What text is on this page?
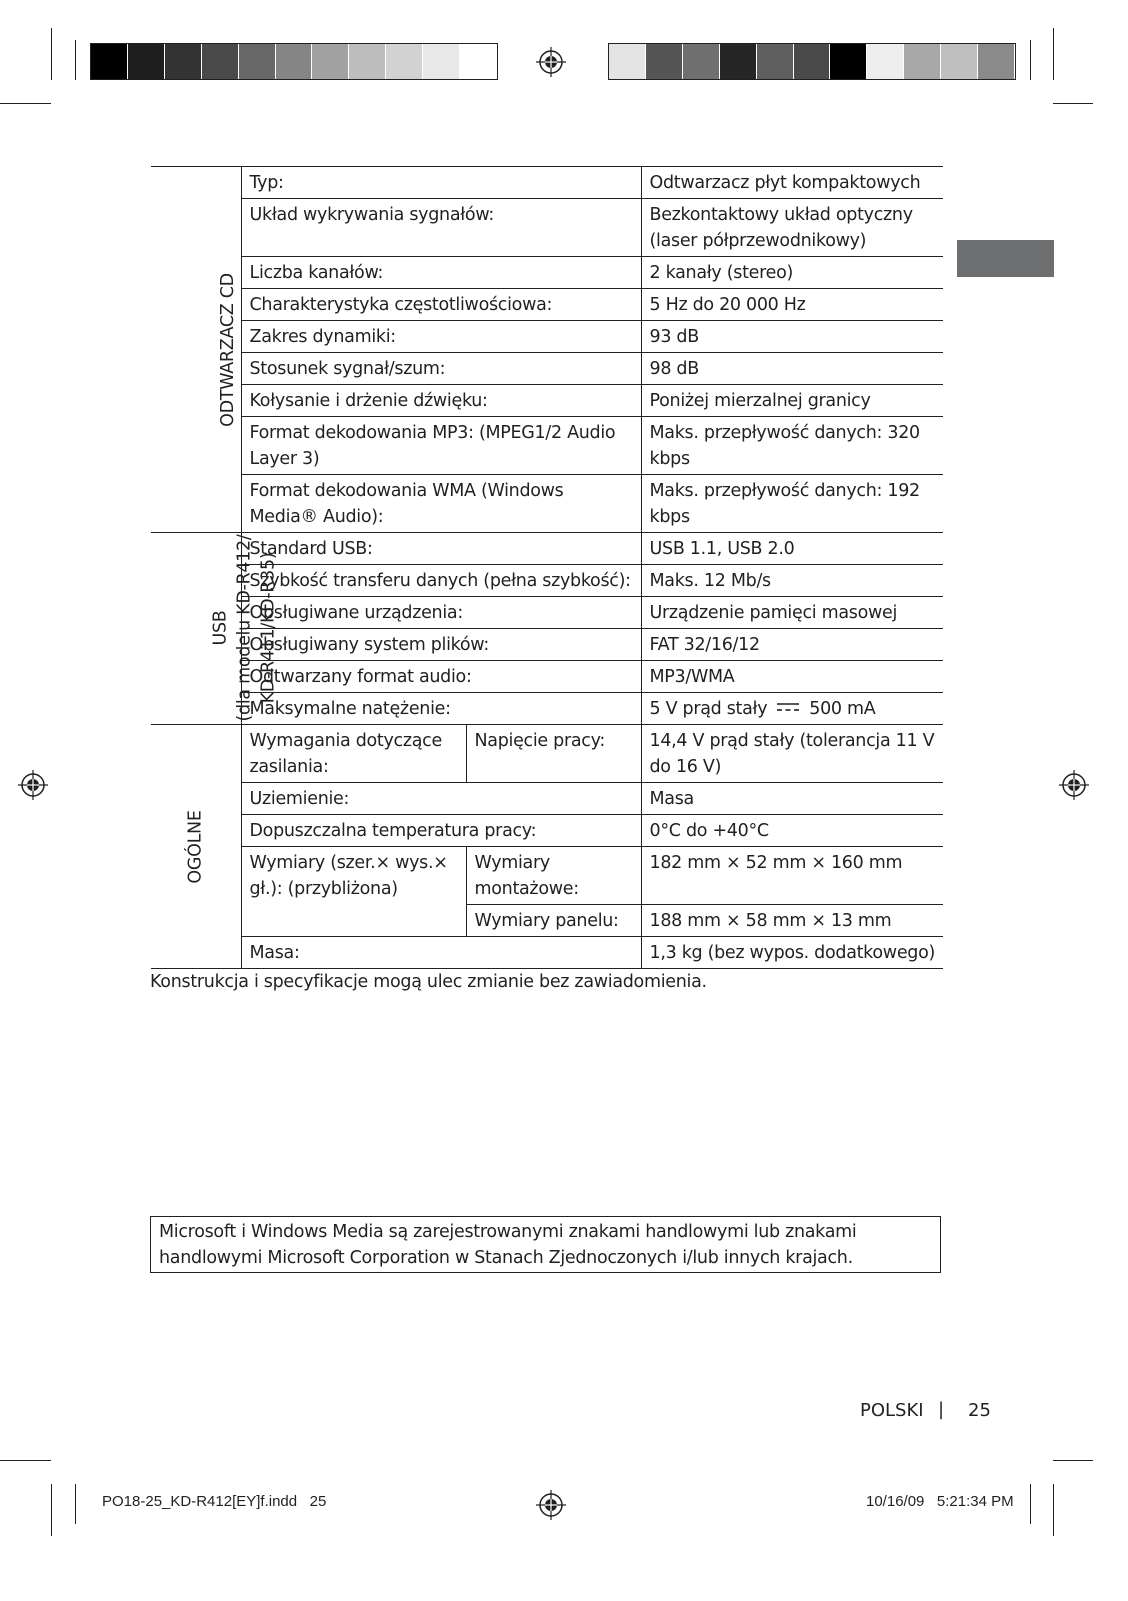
ODTWARZACZ CD	Typ:		Odtwarzacz płyt kompaktowych
	Układ wykrywania sygnałów:		Bezkontaktowy układ optyczny (laser półprzewodnikowy)
	Liczba kanałów:		2 kanały (stereo)
	Charakterystyka częstotliwościowa:		5 Hz do 20 000 Hz
	Zakres dynamiki:		93 dB
	Stosunek sygnał/szum:		98 dB
	Kołysanie i drżenie dźwięku:		Poniżej mierzalnej granicy
	Format dekodowania MP3: (MPEG1/2 Audio Layer 3)		Maks. przepływość danych: 320 kbps
	Format dekodowania WMA (Windows Media® Audio):		Maks. przepływość danych: 192 kbps
USB (dla modelu KD-R412/ KD-R411/KD-R35)	Standard USB:		USB 1.1, USB 2.0
	Szybkość transferu danych (pełna szybkość):		Maks. 12 Mb/s
	Obsługiwane urządzenia:		Urządzenie pamięci masowej
	Obsługiwany system plików:		FAT 32/16/12
	Odtwarzany format audio:		MP3/WMA
	Maksymalne natężenie:		5 V prąd stały 500 mA
OGÓLNE	Wymagania dotyczące zasilania:	Napięcie pracy:	14,4 V prąd stały (tolerancja 11 V do 16 V)
	Uziemienie:		Masa
	Dopuszczalna temperatura pracy:		0°C do +40°C
	Wymiary (szer.× wys.× gł.): (przybliżona)	Wymiary montażowe:	182 mm × 52 mm × 160 mm
		Wymiary panelu:	188 mm × 58 mm × 13 mm
	Masa:		1,3 kg (bez wypos. dodatkowego)
Konstrukcja i specyfikacje mogą ulec zmianie bez zawiadomienia.
Microsoft i Windows Media są zarejestrowanymi znakami handlowymi lub znakami handlowymi Microsoft Corporation w Stanach Zjednoczonych i/lub innych krajach.
POLSKI | 25
PO18-25_KD-R412[EY]f.indd   25	10/16/09   5:21:34 PM
